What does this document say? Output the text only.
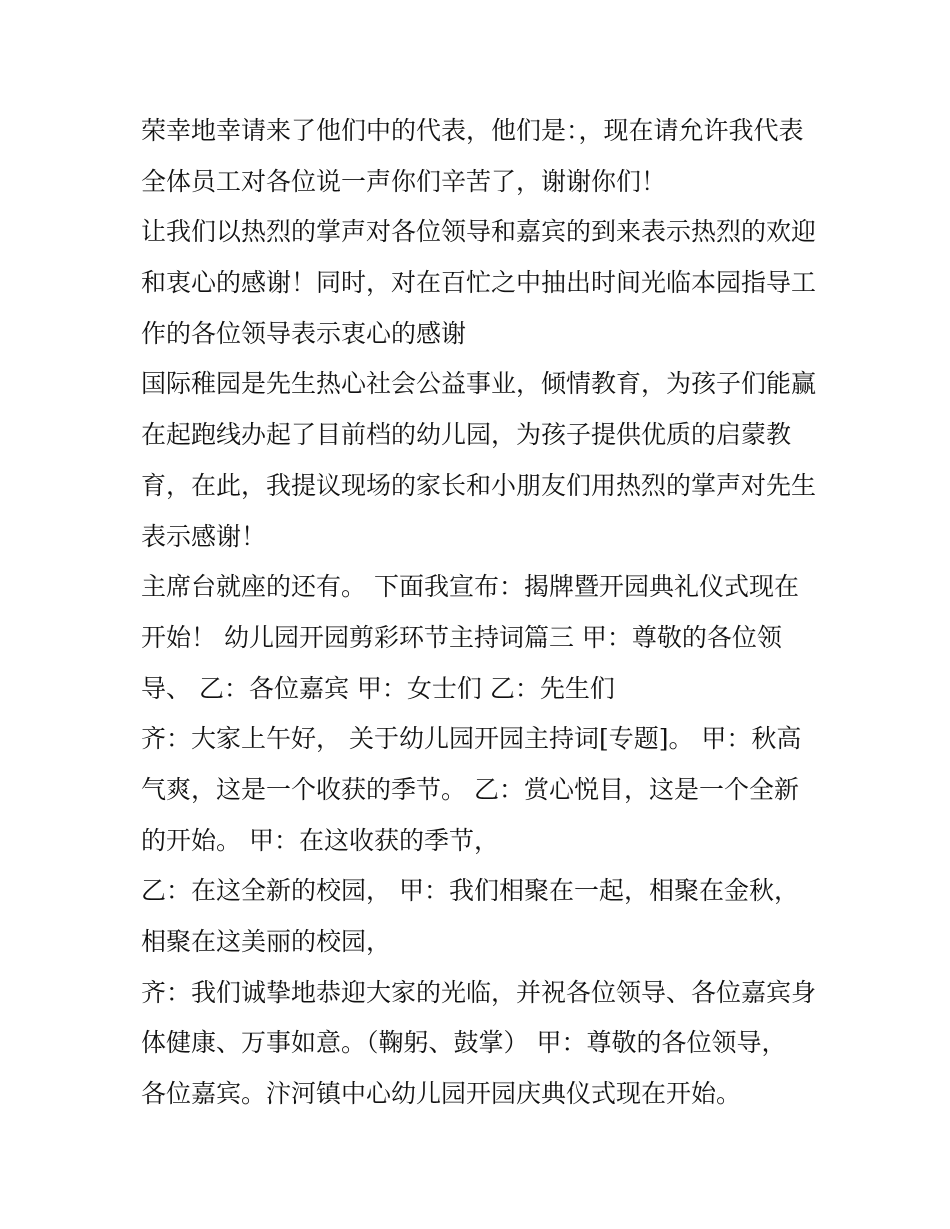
荣幸地幸请来了他们中的代表，他们是：，现在请允许我代表
全体员工对各位说一声你们辛苦了，谢谢你们！
让我们以热烈的掌声对各位领导和嘉宾的到来表示热烈的欢迎
和衷心的感谢！同时，对在百忙之中抽出时间光临本园指导工
作的各位领导表示衷心的感谢
国际稚园是先生热心社会公益事业，倾情教育，为孩子们能赢
在起跑线办起了目前档的幼儿园，为孩子提供优质的启蒙教
育，在此，我提议现场的家长和小朋友们用热烈的掌声对先生
表示感谢！
主席台就座的还有。 下面我宣布：揭牌暨开园典礼仪式现在
开始！ 幼儿园开园剪彩环节主持词篇三 甲：尊敬的各位领
导、 乙：各位嘉宾 甲：女士们 乙：先生们
齐：大家上午好， 关于幼儿园开园主持词[专题]。 甲：秋高
气爽，这是一个收获的季节。 乙：赏心悦目，这是一个全新
的开始。 甲：在这收获的季节，
乙：在这全新的校园， 甲：我们相聚在一起，相聚在金秋，
相聚在这美丽的校园，
齐：我们诚挚地恭迎大家的光临，并祝各位领导、各位嘉宾身
体健康、万事如意。（鞠躬、鼓掌） 甲：尊敬的各位领导，
各位嘉宾。汴河镇中心幼儿园开园庆典仪式现在开始。
